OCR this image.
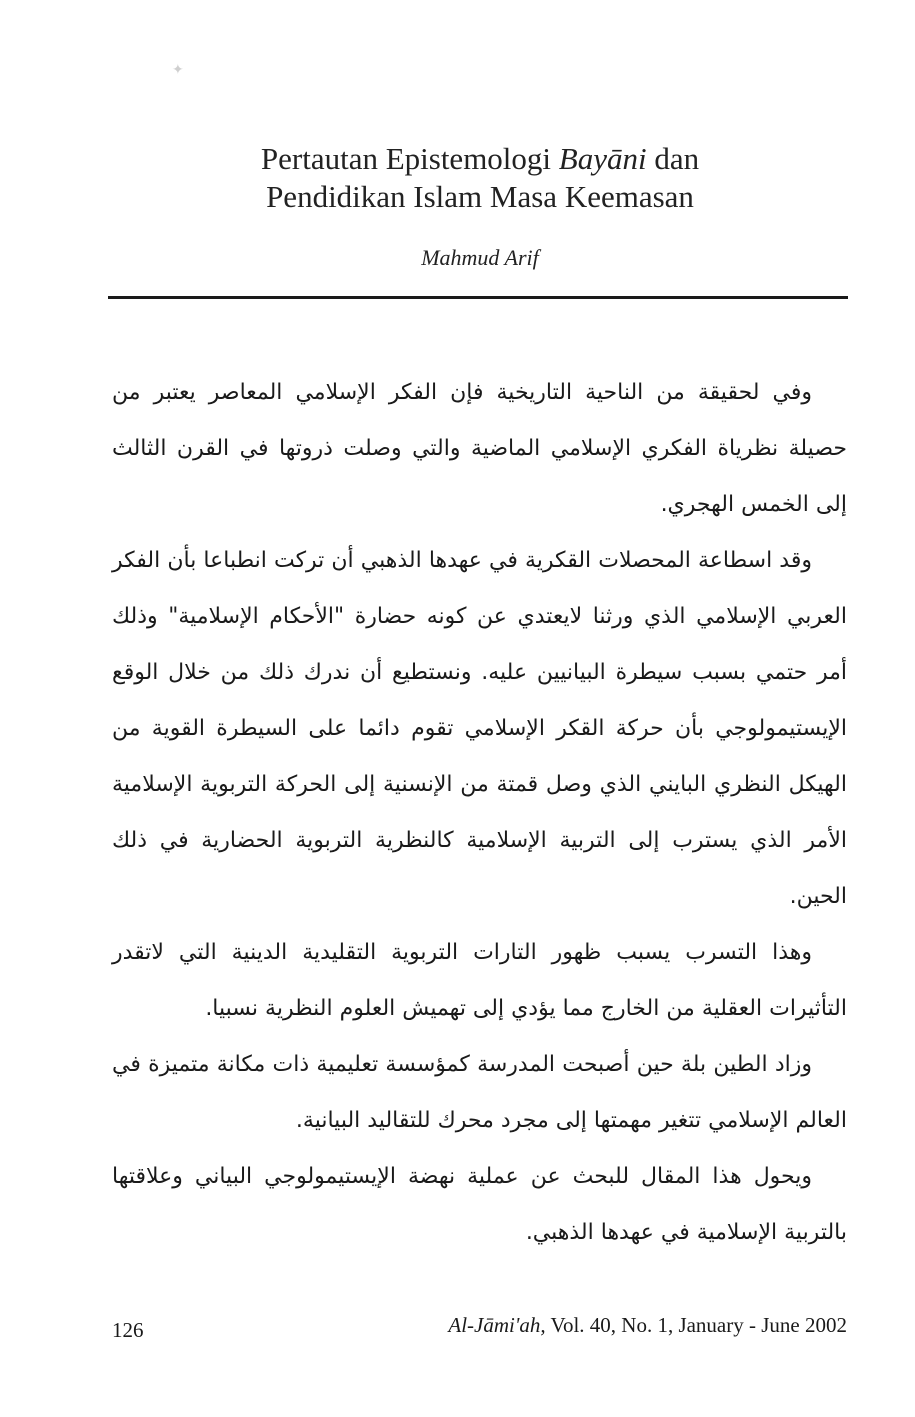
✦
Pertautan Epistemologi Bayāni dan
Pendidikan Islam Masa Keemasan
Mahmud Arif

وفي لحقيقة من الناحية التاريخية فإن الفكر الإسلامي المعاصر يعتبر من حصيلة نظرياة الفكري الإسلامي الماضية والتي وصلت ذروتها في القرن الثالث إلى الخمس الهجري.

وقد اسطاعة المحصلات القكرية في عهدها الذهبي أن تركت انطباعا بأن الفكر العربي الإسلامي الذي ورثنا لايعتدي عن كونه حضارة "الأحكام الإسلامية" وذلك أمر حتمي بسبب سيطرة البيانيين عليه. ونستطيع أن ندرك ذلك من خلال الوقع الإيستيمولوجي بأن حركة القكر الإسلامي تقوم دائما على السيطرة القوية من الهيكل النظري البايني الذي وصل قمتة من الإنسنية إلى الحركة التربوية الإسلامية الأمر الذي يسترب إلى التربية الإسلامية كالنظرية التربوية الحضارية في ذلك الحين.

وهذا التسرب يسبب ظهور التارات التربوية التقليدية الدينية التي لاتقدر التأثيرات العقلية من الخارج مما يؤدي إلى تهميش العلوم النظرية نسبيا.

وزاد الطين بلة حين أصبحت المدرسة كمؤسسة تعليمية ذات مكانة متميزة في العالم الإسلامي تتغير مهمتها إلى مجرد محرك للتقاليد البيانية.

ويحول هذا المقال للبحث عن عملية نهضة الإيستيمولوجي البياني وعلاقتها بالتربية الإسلامية في عهدها الذهبي.

126	Al-Jāmi'ah, Vol. 40, No. 1, January - June 2002
